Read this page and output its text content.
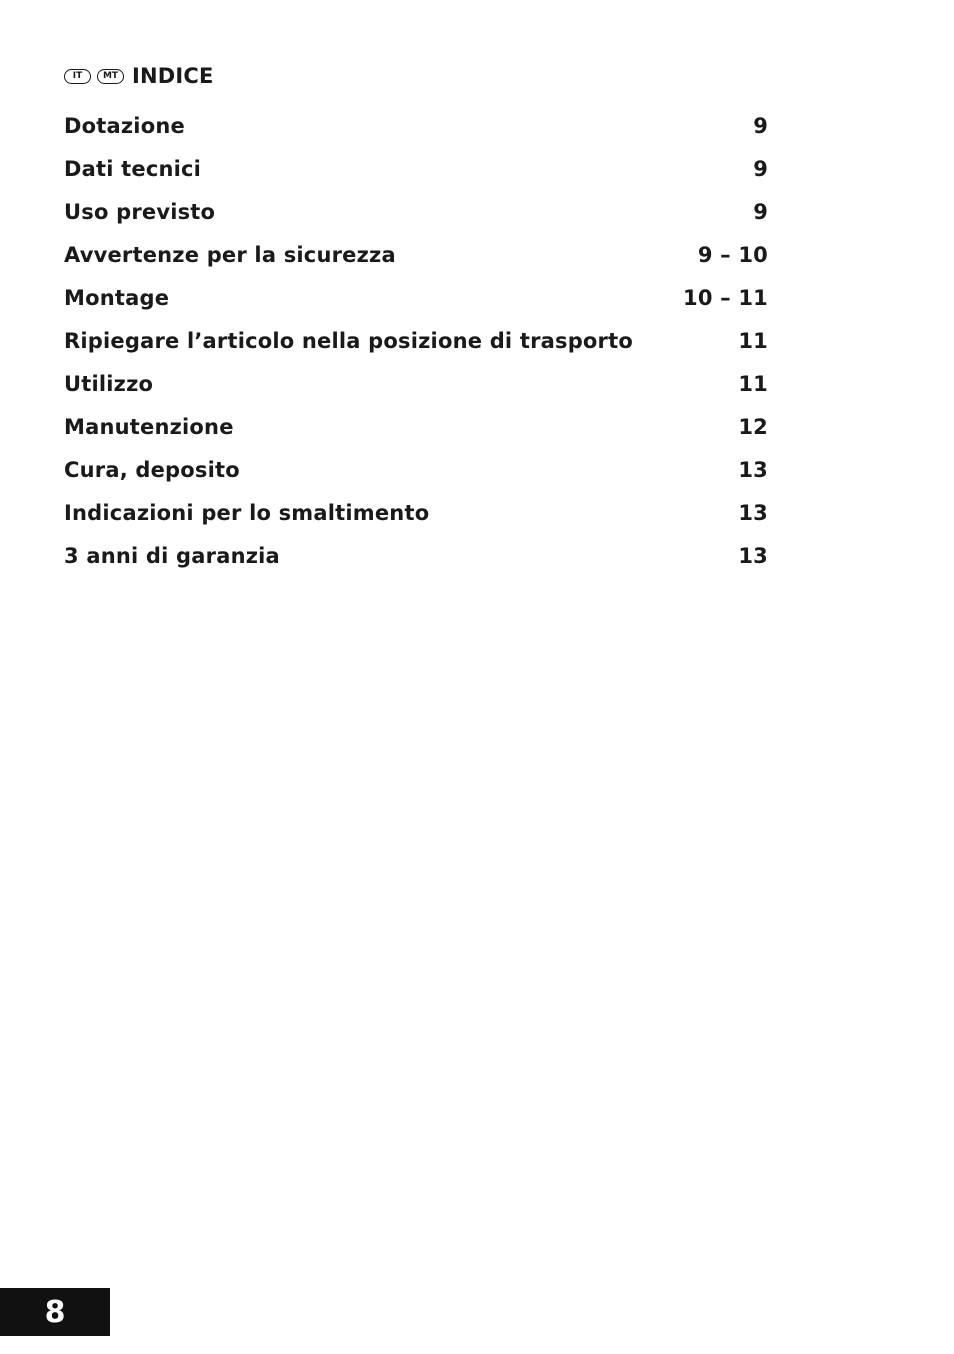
IT	MT INDICE
Dotazione	9
Dati tecnici	9
Uso previsto	9
Avvertenze per la sicurezza	9 – 10
Montage	10 – 11
Ripiegare l’articolo nella posizione di trasporto	11
Utilizzo	11
Manutenzione	12
Cura, deposito	13
Indicazioni per lo smaltimento	13
3 anni di garanzia	13
8
